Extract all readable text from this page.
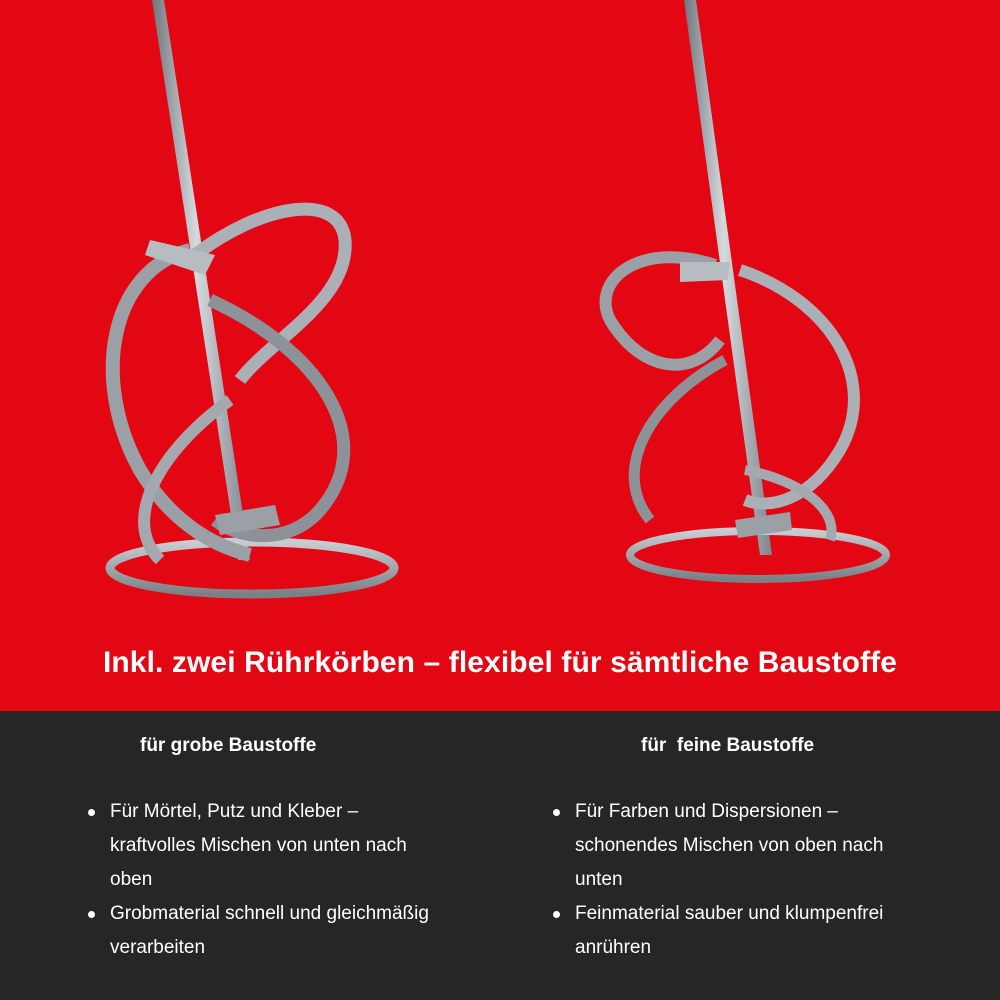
Inkl. zwei Rührkörben – flexibel für sämtliche Baustoffe
für grobe Baustoffe
Für Mörtel, Putz und Kleber – kraftvolles Mischen von unten nach oben
Grobmaterial schnell und gleichmäßig verarbeiten
für  feine Baustoffe
Für Farben und Dispersionen – schonendes Mischen von oben nach unten
Feinmaterial sauber und klumpenfrei anrühren
